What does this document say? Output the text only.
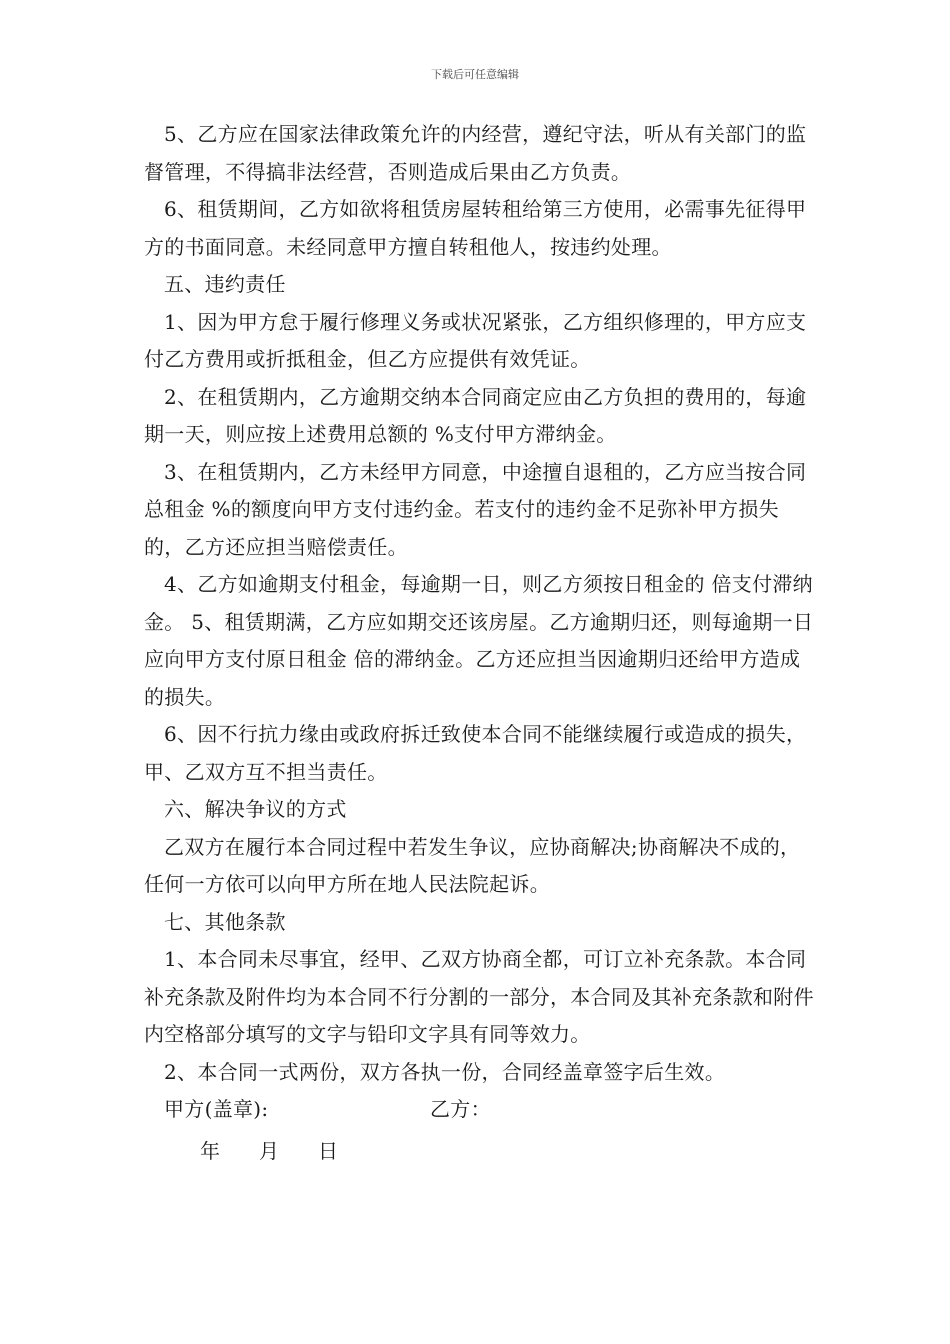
下载后可任意编辑

5、乙方应在国家法律政策允许的内经营，遵纪守法，听从有关部门的监督管理，不得搞非法经营，否则造成后果由乙方负责。

6、租赁期间，乙方如欲将租赁房屋转租给第三方使用，必需事先征得甲方的书面同意。未经同意甲方擅自转租他人，按违约处理。

五、违约责任

1、因为甲方怠于履行修理义务或状况紧张，乙方组织修理的，甲方应支付乙方费用或折抵租金，但乙方应提供有效凭证。

2、在租赁期内，乙方逾期交纳本合同商定应由乙方负担的费用的，每逾期一天，则应按上述费用总额的 %支付甲方滞纳金。

3、在租赁期内，乙方未经甲方同意，中途擅自退租的，乙方应当按合同总租金 %的额度向甲方支付违约金。若支付的违约金不足弥补甲方损失的，乙方还应担当赔偿责任。

4、乙方如逾期支付租金，每逾期一日，则乙方须按日租金的 倍支付滞纳金。 5、租赁期满，乙方应如期交还该房屋。乙方逾期归还，则每逾期一日应向甲方支付原日租金 倍的滞纳金。乙方还应担当因逾期归还给甲方造成的损失。

6、因不行抗力缘由或政府拆迁致使本合同不能继续履行或造成的损失，甲、乙双方互不担当责任。

六、解决争议的方式

乙双方在履行本合同过程中若发生争议，应协商解决;协商解决不成的，任何一方依可以向甲方所在地人民法院起诉。

七、其他条款

1、本合同未尽事宜，经甲、乙双方协商全都，可订立补充条款。本合同补充条款及附件均为本合同不行分割的一部分，本合同及其补充条款和附件内空格部分填写的文字与铅印文字具有同等效力。

2、本合同一式两份，双方各执一份，合同经盖章签字后生效。

甲方(盖章):	乙方：
年 月 日
